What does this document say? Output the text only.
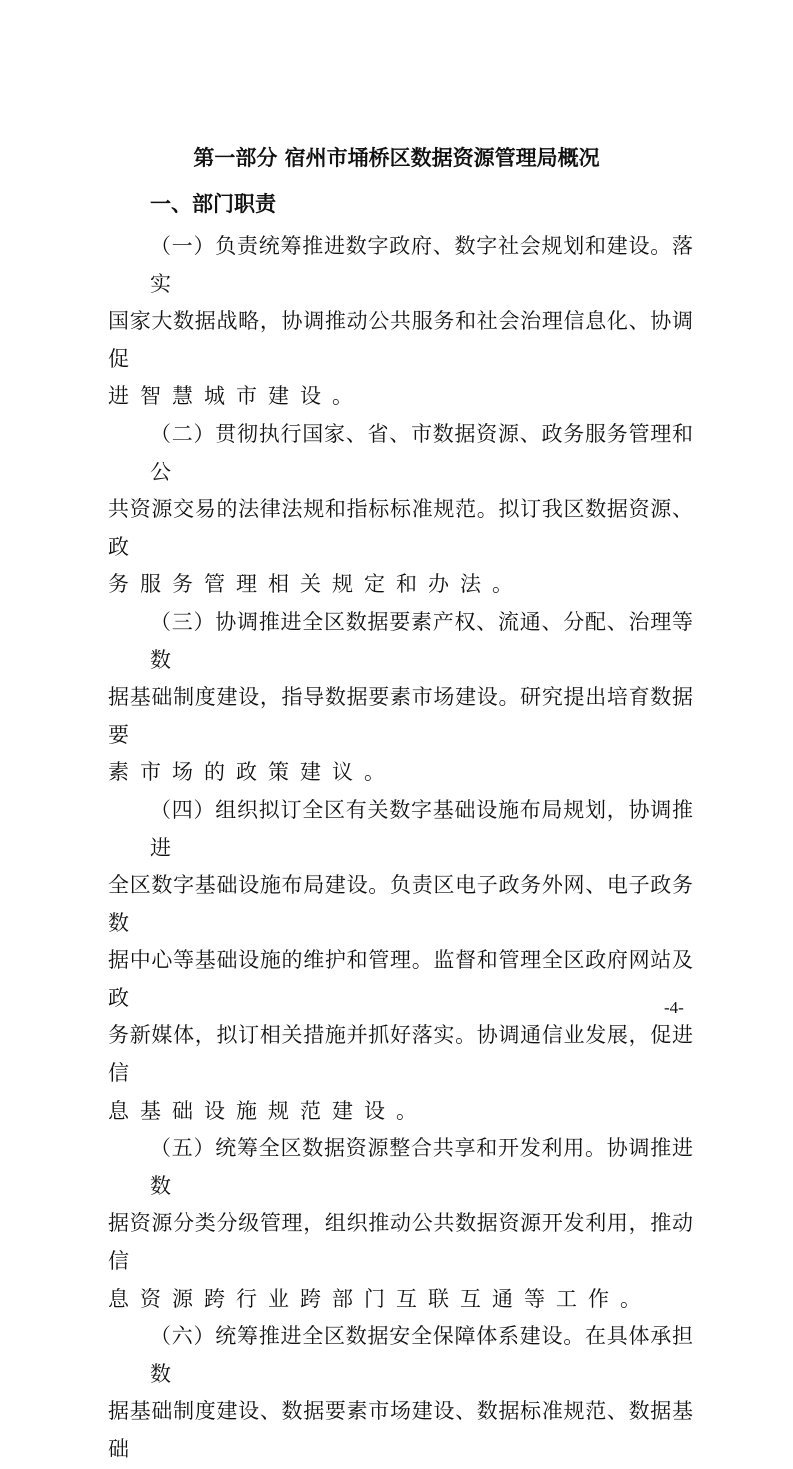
第一部分 宿州市埇桥区数据资源管理局概况
一、部门职责
（一）负责统筹推进数字政府、数字社会规划和建设。落实
国家大数据战略，协调推动公共服务和社会治理信息化、协调促
进智慧城市建设。
（二）贯彻执行国家、省、市数据资源、政务服务管理和公
共资源交易的法律法规和指标标准规范。拟订我区数据资源、政
务服务管理相关规定和办法。
（三）协调推进全区数据要素产权、流通、分配、治理等数
据基础制度建设，指导数据要素市场建设。研究提出培育数据要
素市场的政策建议。
（四）组织拟订全区有关数字基础设施布局规划，协调推进
全区数字基础设施布局建设。负责区电子政务外网、电子政务数
据中心等基础设施的维护和管理。监督和管理全区政府网站及政
务新媒体，拟订相关措施并抓好落实。协调通信业发展，促进信
息基础设施规范建设。
（五）统筹全区数据资源整合共享和开发利用。协调推进数
据资源分类分级管理，组织推动公共数据资源开发利用，推动信
息资源跨行业跨部门互联互通等工作。
（六）统筹推进全区数据安全保障体系建设。在具体承担数
据基础制度建设、数据要素市场建设、数据标准规范、数据基础
-4-
